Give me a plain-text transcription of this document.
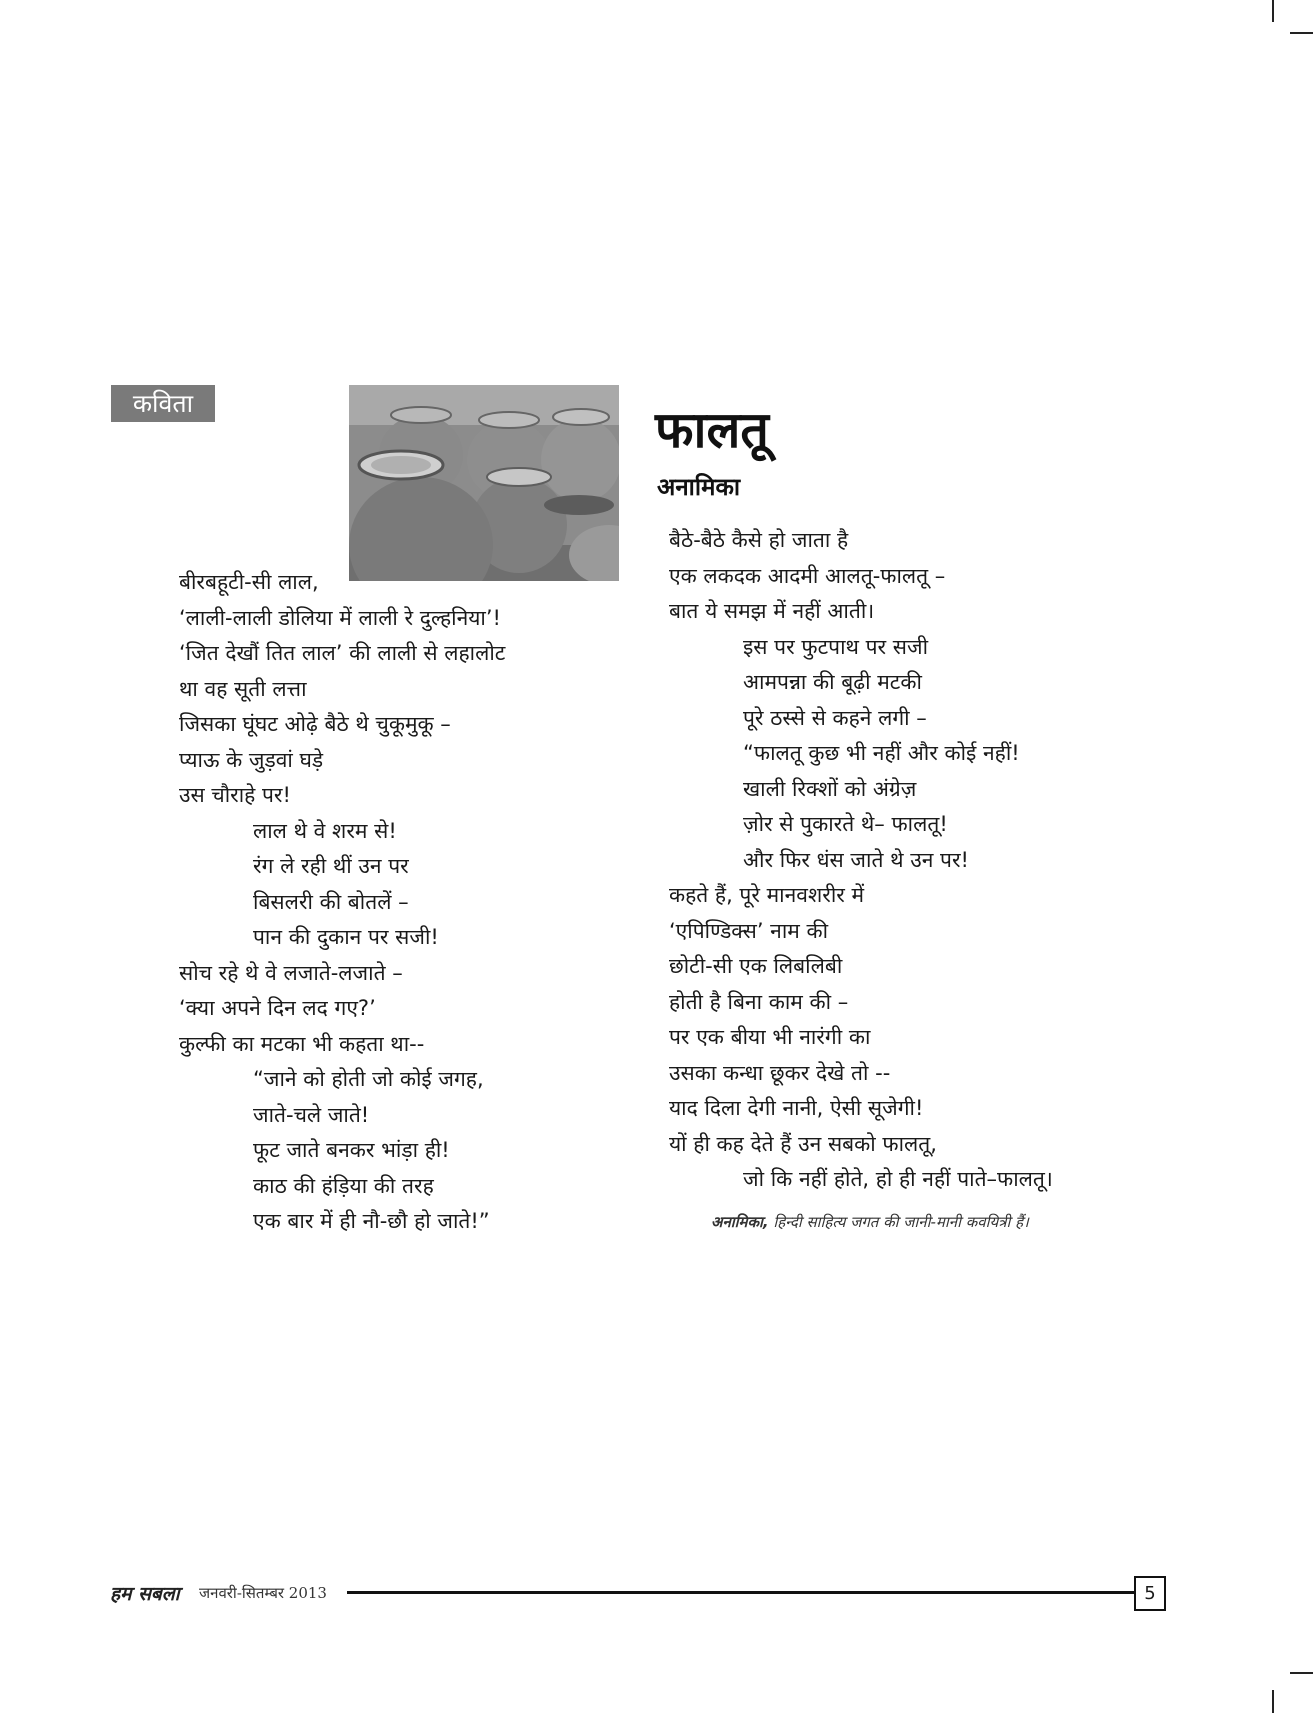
कविता	फालतू
अनामिका
बीरबहूटी-सी लाल,
‘लाली-लाली डोलिया में लाली रे दुल्हनिया’!
‘जित देखौं तित लाल’ की लाली से लहालोट
था वह सूती लत्ता
जिसका घूंघट ओढ़े बैठे थे चुकूमुकू –
प्याऊ के जुड़वां घड़े
उस चौराहे पर!
लाल थे वे शरम से!
रंग ले रही थीं उन पर
बिसलरी की बोतलें –
पान की दुकान पर सजी!
सोच रहे थे वे लजाते-लजाते –
‘क्या अपने दिन लद गए?’
कुल्फी का मटका भी कहता था--
“जाने को होती जो कोई जगह,
जाते-चले जाते!
फूट जाते बनकर भांड़ा ही!
काठ की हंड़िया की तरह
एक बार में ही नौ-छौ हो जाते!”
बैठे-बैठे कैसे हो जाता है
एक लकदक आदमी आलतू-फालतू –
बात ये समझ में नहीं आती।
इस पर फुटपाथ पर सजी
आमपन्ना की बूढ़ी मटकी
पूरे ठस्से से कहने लगी –
“फालतू कुछ भी नहीं और कोई नहीं!
खाली रिक्शों को अंग्रेज़
ज़ोर से पुकारते थे– फालतू!
और फिर धंस जाते थे उन पर!
कहते हैं, पूरे मानवशरीर में
‘एपिण्डिक्स’ नाम की
छोटी-सी एक लिबलिबी
होती है बिना काम की –
पर एक बीया भी नारंगी का
उसका कन्धा छूकर देखे तो --
याद दिला देगी नानी, ऐसी सूजेगी!
यों ही कह देते हैं उन सबको फालतू,
जो कि नहीं होते, हो ही नहीं पाते–फालतू।
अनामिका, हिन्दी साहित्य जगत की जानी-मानी कवयित्री हैं।
हम सबला जनवरी-सितम्बर 2013	5
